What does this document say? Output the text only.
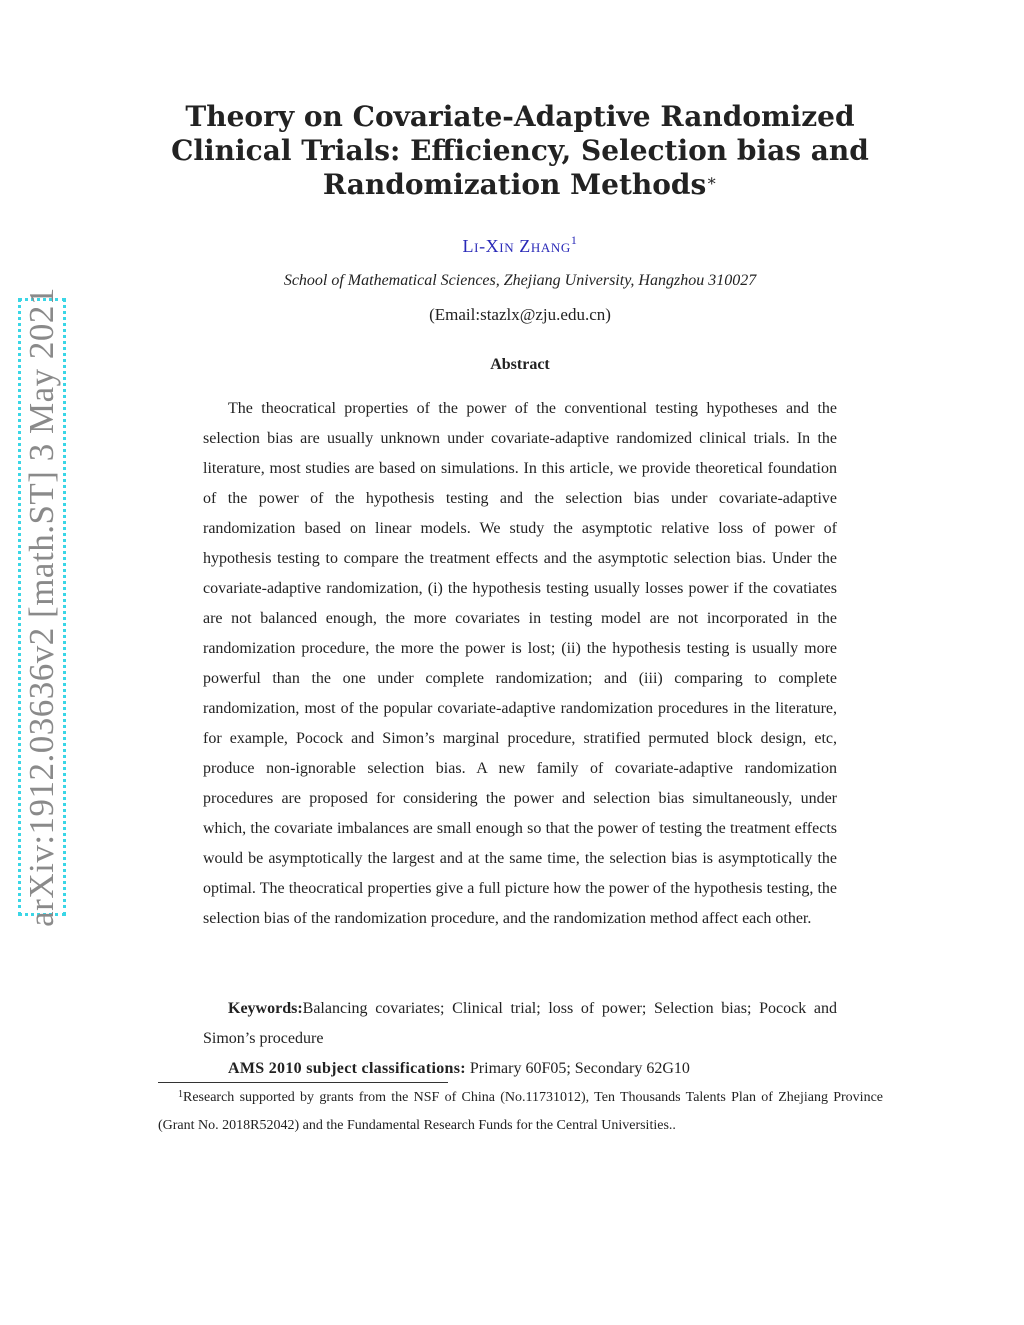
arXiv:1912.03636v2 [math.ST] 3 May 2021
Theory on Covariate-Adaptive Randomized
Clinical Trials: Efficiency, Selection bias and
Randomization Methods∗
Li-Xin Zhang$^1$
School of Mathematical Sciences, Zhejiang University, Hangzhou 310027
(Email:stazlx@zju.edu.cn)
Abstract

The theocratical properties of the power of the conventional testing hypotheses and the selection bias are usually unknown under covariate-adaptive randomized clinical trials. In the literature, most studies are based on simulations. In this article, we provide theoretical foundation of the power of the hypothesis testing and the selection bias under covariate-adaptive randomization based on linear models. We study the asymptotic relative loss of power of hypothesis testing to compare the treatment effects and the asymptotic selection bias. Under the covariate-adaptive randomization, (i) the hypothesis testing usually losses power if the covatiates are not balanced enough, the more covariates in testing model are not incorporated in the randomization procedure, the more the power is lost; (ii) the hypothesis testing is usually more powerful than the one under complete randomization; and (iii) comparing to complete randomization, most of the popular covariate-adaptive randomization procedures in the literature, for example, Pocock and Simon’s marginal procedure, stratified permuted block design, etc, produce non-ignorable selection bias. A new family of covariate-adaptive randomization procedures are proposed for considering the power and selection bias simultaneously, under which, the covariate imbalances are small enough so that the power of testing the treatment effects would be asymptotically the largest and at the same time, the selection bias is asymptotically the optimal. The theocratical properties give a full picture how the power of the hypothesis testing, the selection bias of the randomization procedure, and the randomization method affect each other.

Keywords:Balancing covariates; Clinical trial; loss of power; Selection bias; Pocock and Simon’s procedure

AMS 2010 subject classifications: Primary 60F05; Secondary 62G10

$^1$Research supported by grants from the NSF of China (No.11731012), Ten Thousands Talents Plan of Zhejiang Province (Grant No. 2018R52042) and the Fundamental Research Funds for the Central Universities..
